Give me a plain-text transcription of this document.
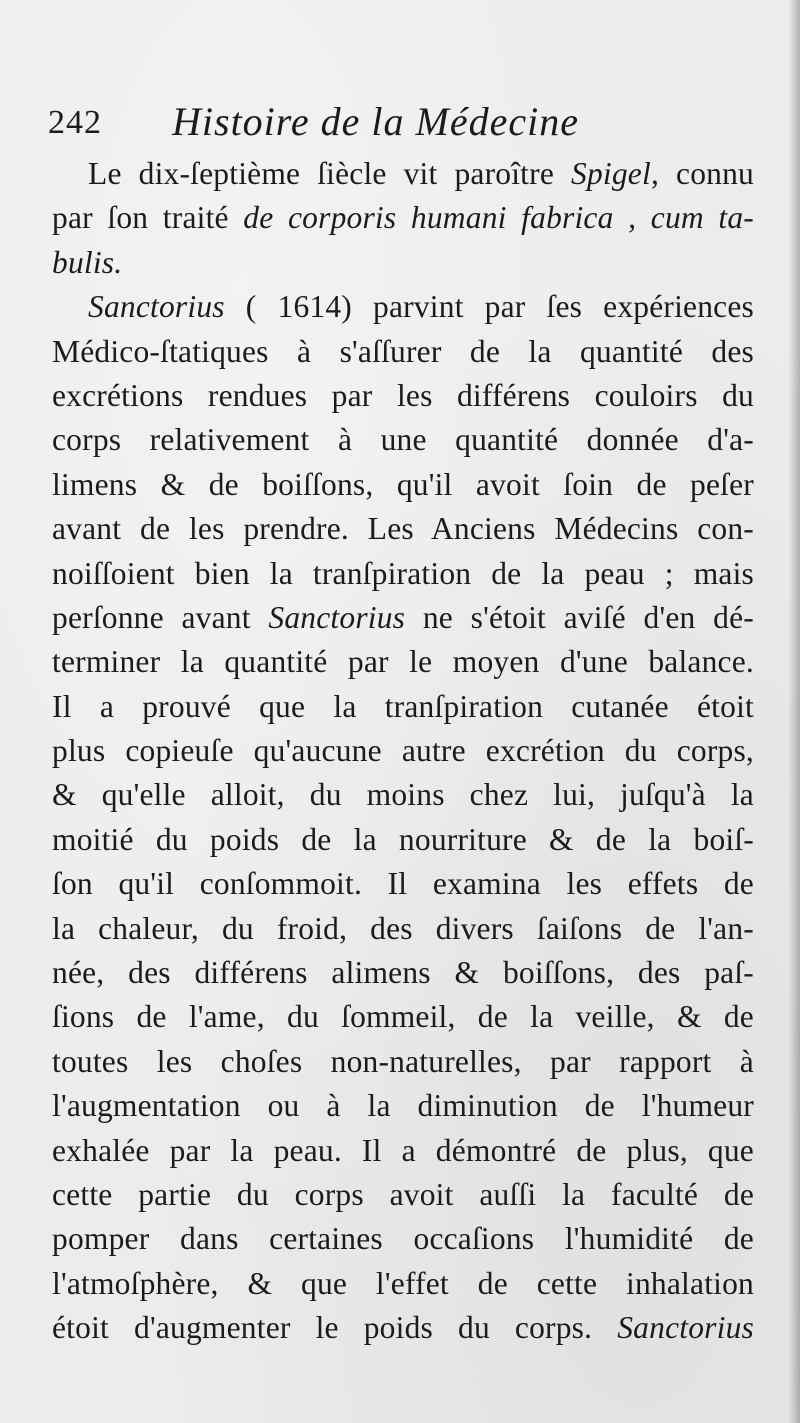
242 Histoire de la Médecine
Le dix-ſeptième ſiècle vit paroître Spigel, connu
par ſon traité de corporis humani fabrica , cum ta-
bulis.
Sanctorius ( 1614) parvint par ſes expériences
Médico-ſtatiques à s'aſſurer de la quantité des
excrétions rendues par les différens couloirs du
corps relativement à une quantité donnée d'a-
limens & de boiſſons, qu'il avoit ſoin de peſer
avant de les prendre. Les Anciens Médecins con-
noiſſoient bien la tranſpiration de la peau ; mais
perſonne avant Sanctorius ne s'étoit aviſé d'en dé-
terminer la quantité par le moyen d'une balance.
Il a prouvé que la tranſpiration cutanée étoit
plus copieuſe qu'aucune autre excrétion du corps,
& qu'elle alloit, du moins chez lui, juſqu'à la
moitié du poids de la nourriture & de la boiſ-
ſon qu'il conſommoit. Il examina les effets de
la chaleur, du froid, des divers ſaiſons de l'an-
née, des différens alimens & boiſſons, des paſ-
ſions de l'ame, du ſommeil, de la veille, & de
toutes les choſes non-naturelles, par rapport à
l'augmentation ou à la diminution de l'humeur
exhalée par la peau. Il a démontré de plus, que
cette partie du corps avoit auſſi la faculté de
pomper dans certaines occaſions l'humidité de
l'atmoſphère, & que l'effet de cette inhalation
étoit d'augmenter le poids du corps. Sanctorius
